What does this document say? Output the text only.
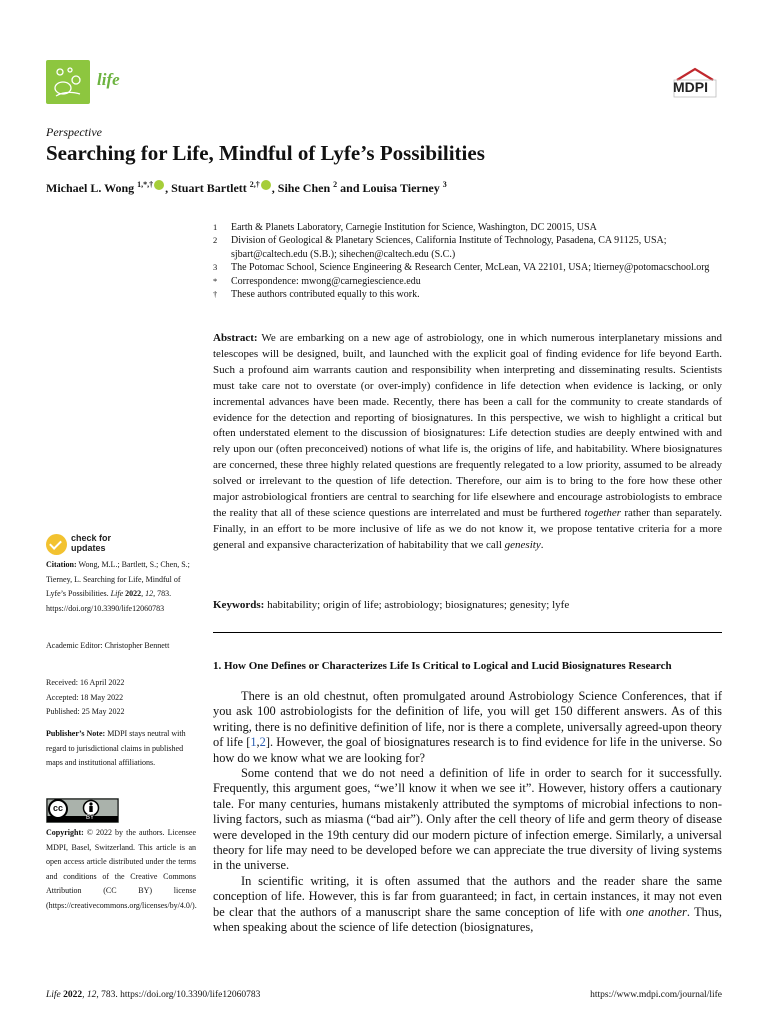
life	MDPI
Perspective
Searching for Life, Mindful of Lyfe’s Possibilities
Michael L. Wong $^{1,*,\dagger}$ , Stuart Bartlett $^{2,\dagger}$ , Sihe Chen $^2$ and Louisa Tierney $^3$
1	Earth & Planets Laboratory, Carnegie Institution for Science, Washington, DC 20015, USA
2	Division of Geological & Planetary Sciences, California Institute of Technology, Pasadena, CA 91125, USA; sjbart@caltech.edu (S.B.); sihechen@caltech.edu (S.C.)
3	The Potomac School, Science Engineering & Research Center, McLean, VA 22101, USA; ltierney@potomacschool.org
*	Correspondence: mwong@carnegiescience.edu
†	These authors contributed equally to this work.
Abstract: We are embarking on a new age of astrobiology, one in which numerous interplanetary missions and telescopes will be designed, built, and launched with the explicit goal of finding evidence for life beyond Earth. Such a profound aim warrants caution and responsibility when interpreting and disseminating results. Scientists must take care not to overstate (or over-imply) confidence in life detection when evidence is lacking, or only incremental advances have been made. Recently, there has been a call for the community to create standards of evidence for the detection and reporting of biosignatures. In this perspective, we wish to highlight a critical but often understated element to the discussion of biosignatures: Life detection studies are deeply entwined with and rely upon our (often preconceived) notions of what life is, the origins of life, and habitability. Where biosignatures are concerned, these three highly related questions are frequently relegated to a low priority, assumed to be already solved or irrelevant to the question of life detection. Therefore, our aim is to bring to the fore how these other major astrobiological frontiers are central to searching for life elsewhere and encourage astrobiologists to embrace the reality that all of these science questions are interrelated and must be furthered together rather than separately. Finally, in an effort to be more inclusive of life as we do not know it, we propose tentative criteria for a more general and expansive characterization of habitability that we call genesity.
Keywords: habitability; origin of life; astrobiology; biosignatures; genesity; lyfe
1. How One Defines or Characterizes Life Is Critical to Logical and Lucid Biosignatures Research

There is an old chestnut, often promulgated around Astrobiology Science Conferences, that if you ask 100 astrobiologists for the definition of life, you will get 150 different answers. As of this writing, there is no definitive definition of life, nor is there a complete, universally agreed-upon theory of life [1,2]. However, the goal of biosignatures research is to find evidence for life in the universe. So how do we know what we are looking for?

Some contend that we do not need a definition of life in order to search for it successfully. Frequently, this argument goes, “we’ll know it when we see it”. However, history offers a cautionary tale. For many centuries, humans mistakenly attributed the symptoms of microbial infections to non-living factors, such as miasma (“bad air”). Only after the cell theory of life and germ theory of disease were developed in the 19th century did our modern picture of infection emerge. Similarly, a universal theory for life may need to be developed before we can appreciate the true diversity of living systems in the universe.

In scientific writing, it is often assumed that the authors and the reader share the same conception of life. However, this is far from guaranteed; in fact, in certain instances, it may not even be clear that the authors of a manuscript share the same conception of life with one another. Thus, when speaking about the science of life detection (biosignatures,

check for
updates
Citation: Wong, M.L.; Bartlett, S.; Chen, S.; Tierney, L. Searching for Life, Mindful of Lyfe’s Possibilities. Life 2022, 12, 783. https://doi.org/10.3390/life12060783
Academic Editor: Christopher Bennett
Received: 16 April 2022
Accepted: 18 May 2022
Published: 25 May 2022
Publisher’s Note: MDPI stays neutral with regard to jurisdictional claims in published maps and institutional affiliations.
cc
BY
Copyright: © 2022 by the authors. Licensee MDPI, Basel, Switzerland. This article is an open access article distributed under the terms and conditions of the Creative Commons Attribution (CC BY) license (https://creativecommons.org/licenses/by/4.0/).
Life 2022, 12, 783. https://doi.org/10.3390/life12060783	https://www.mdpi.com/journal/life
